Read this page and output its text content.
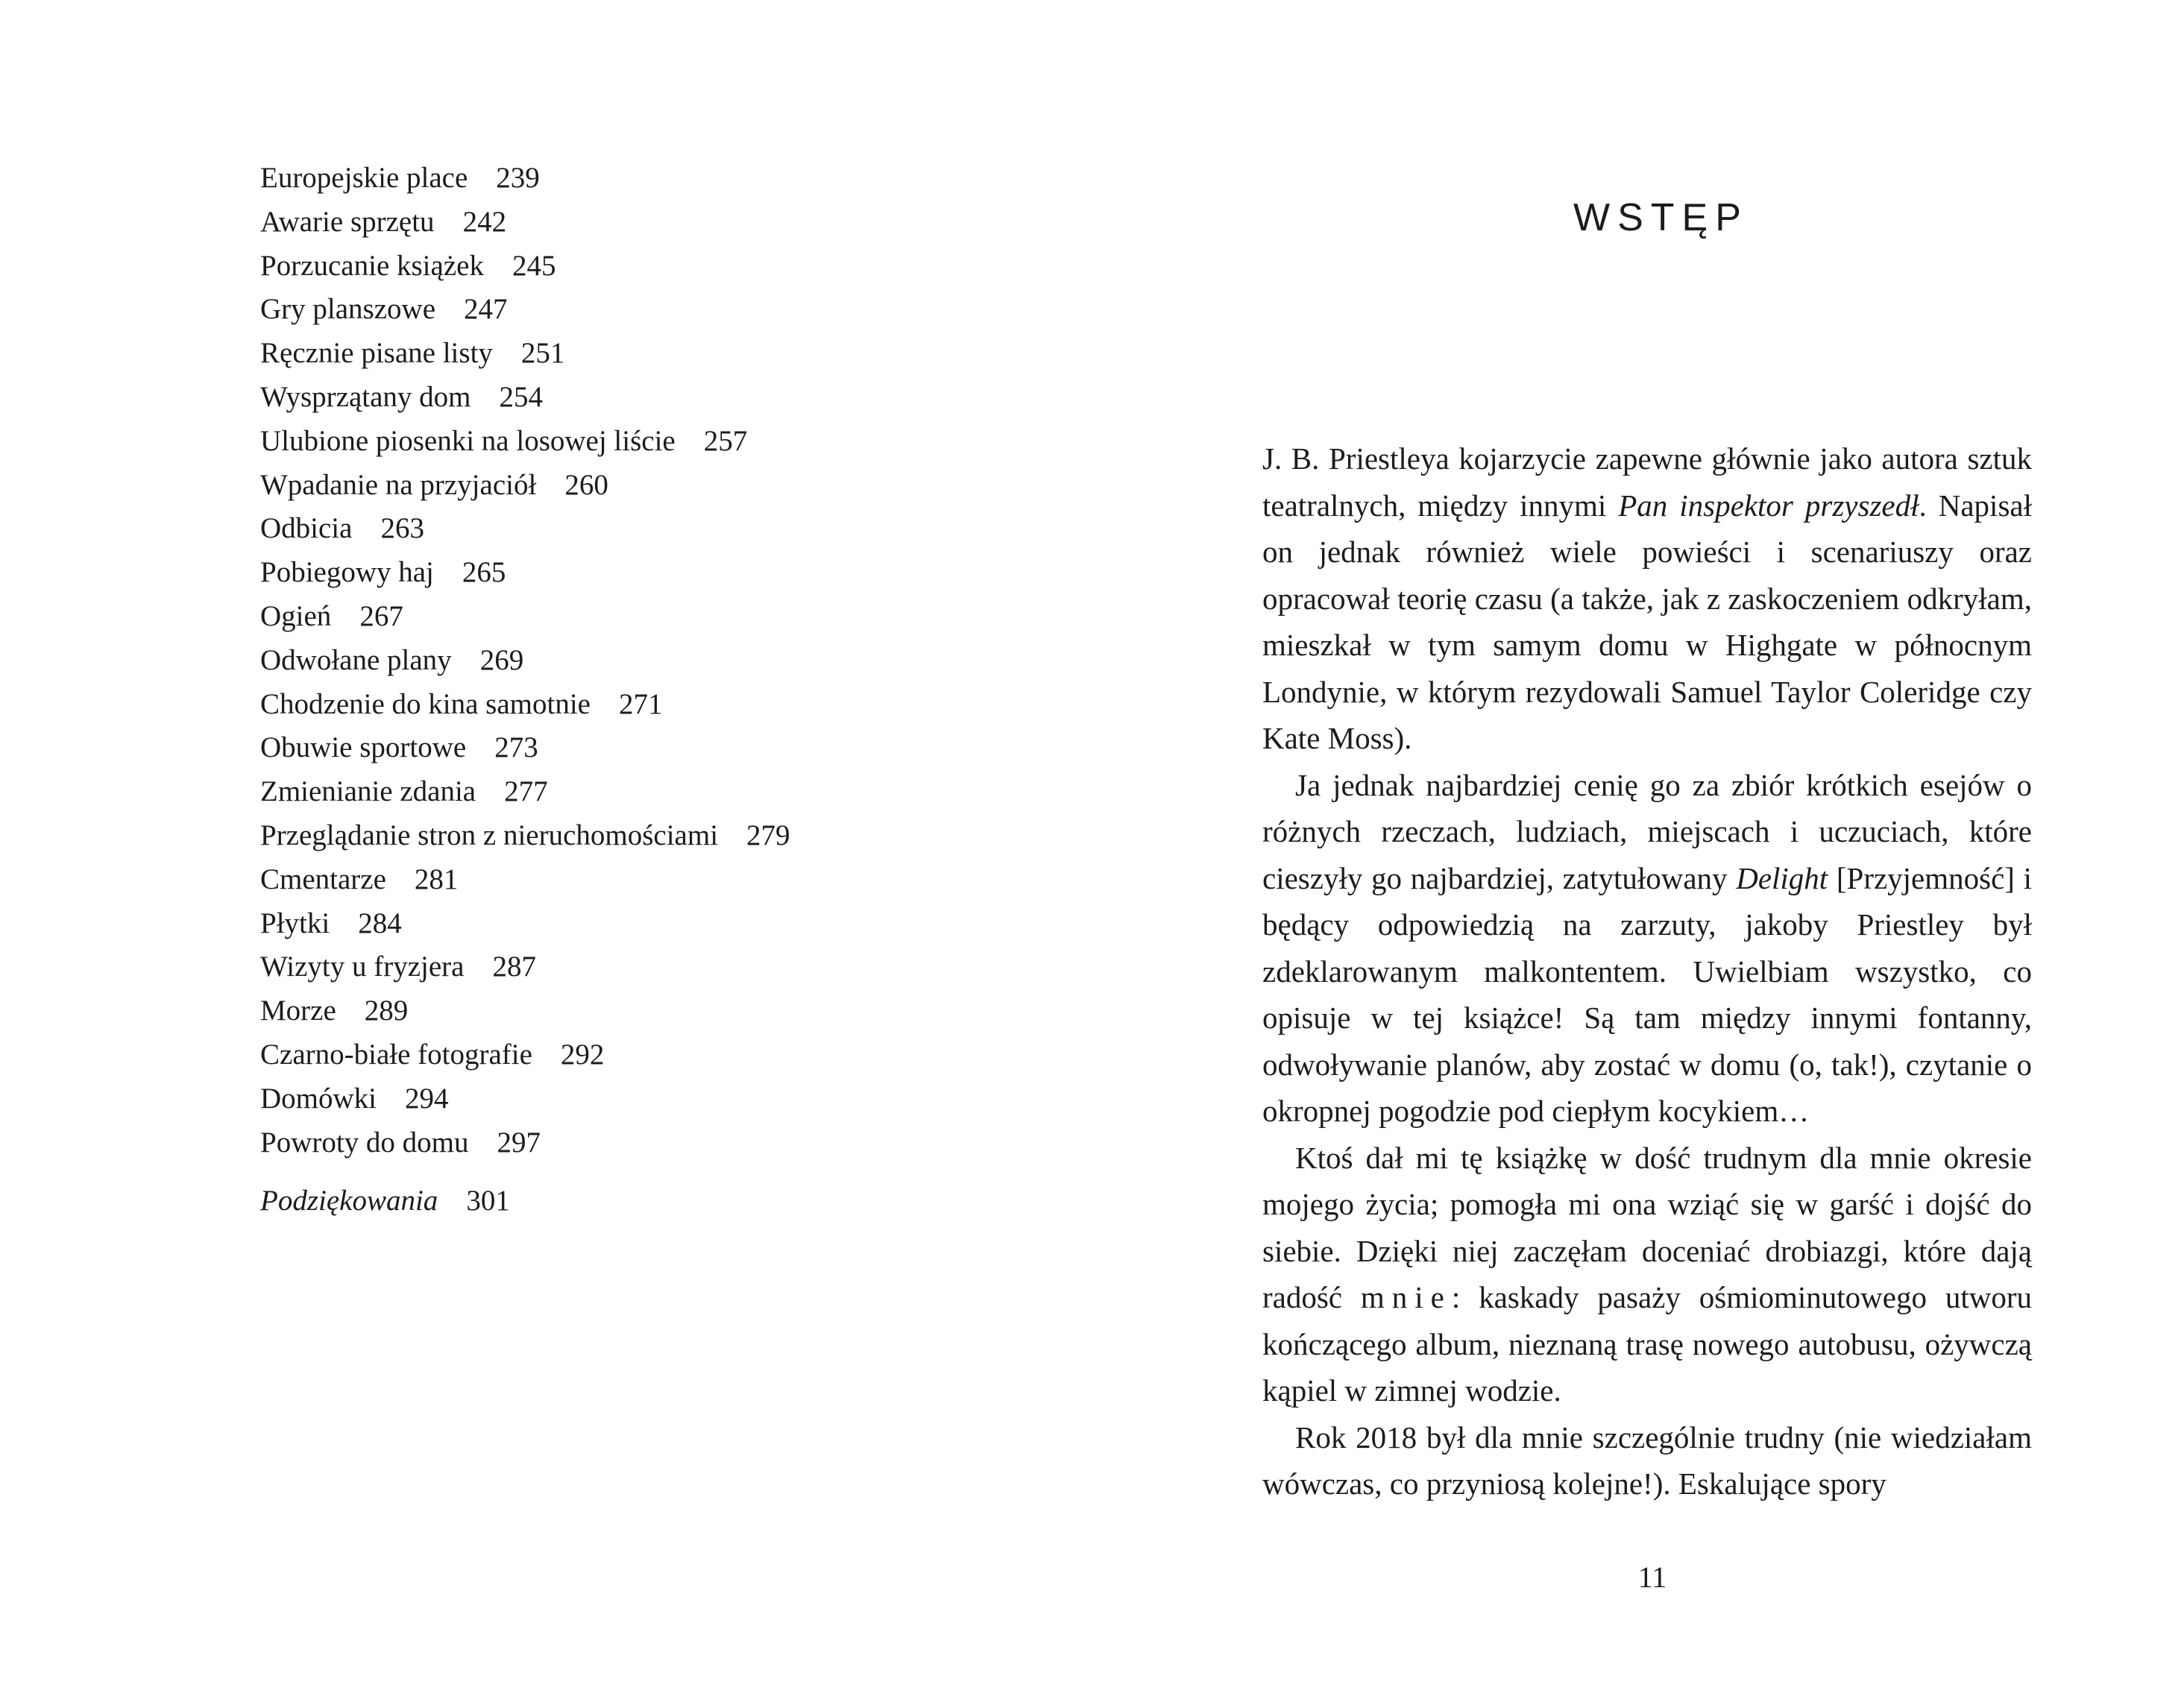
Europejskie place 239
Awarie sprzętu 242
Porzucanie książek 245
Gry planszowe 247
Ręcznie pisane listy 251
Wysprzątany dom 254
Ulubione piosenki na losowej liście 257
Wpadanie na przyjaciół 260
Odbicia 263
Pobiegowy haj 265
Ogień 267
Odwołane plany 269
Chodzenie do kina samotnie 271
Obuwie sportowe 273
Zmienianie zdania 277
Przeglądanie stron z nieruchomościami 279
Cmentarze 281
Płytki 284
Wizyty u fryzjera 287
Morze 289
Czarno-białe fotografie 292
Domówki 294
Powroty do domu 297
Podziękowania 301
WSTĘP

J. B. Priestleya kojarzycie zapewne głównie jako autora sztuk teatralnych, między innymi Pan inspektor przyszedł. Napisał on jednak również wiele powieści i scenariuszy oraz opracował teorię czasu (a także, jak z zaskoczeniem odkryłam, mieszkał w tym samym domu w Highgate w północnym Londynie, w którym rezydowali Samuel Taylor Coleridge czy Kate Moss).

Ja jednak najbardziej cenię go za zbiór krótkich esejów o różnych rzeczach, ludziach, miejscach i uczuciach, które cieszyły go najbardziej, zatytułowany Delight [Przyjemność] i będący odpowiedzią na zarzuty, jakoby Priestley był zdeklarowanym malkontentem. Uwielbiam wszystko, co opisuje w tej książce! Są tam między innymi fontanny, odwoływanie planów, aby zostać w domu (o, tak!), czytanie o okropnej pogodzie pod ciepłym kocykiem…

Ktoś dał mi tę książkę w dość trudnym dla mnie okresie mojego życia; pomogła mi ona wziąć się w garść i dojść do siebie. Dzięki niej zaczęłam doceniać drobiazgi, które dają radość mnie: kaskady pasaży ośmiominutowego utworu kończącego album, nieznaną trasę nowego autobusu, ożywczą kąpiel w zimnej wodzie.

Rok 2018 był dla mnie szczególnie trudny (nie wiedziałam wówczas, co przyniosą kolejne!). Eskalujące spory

11
